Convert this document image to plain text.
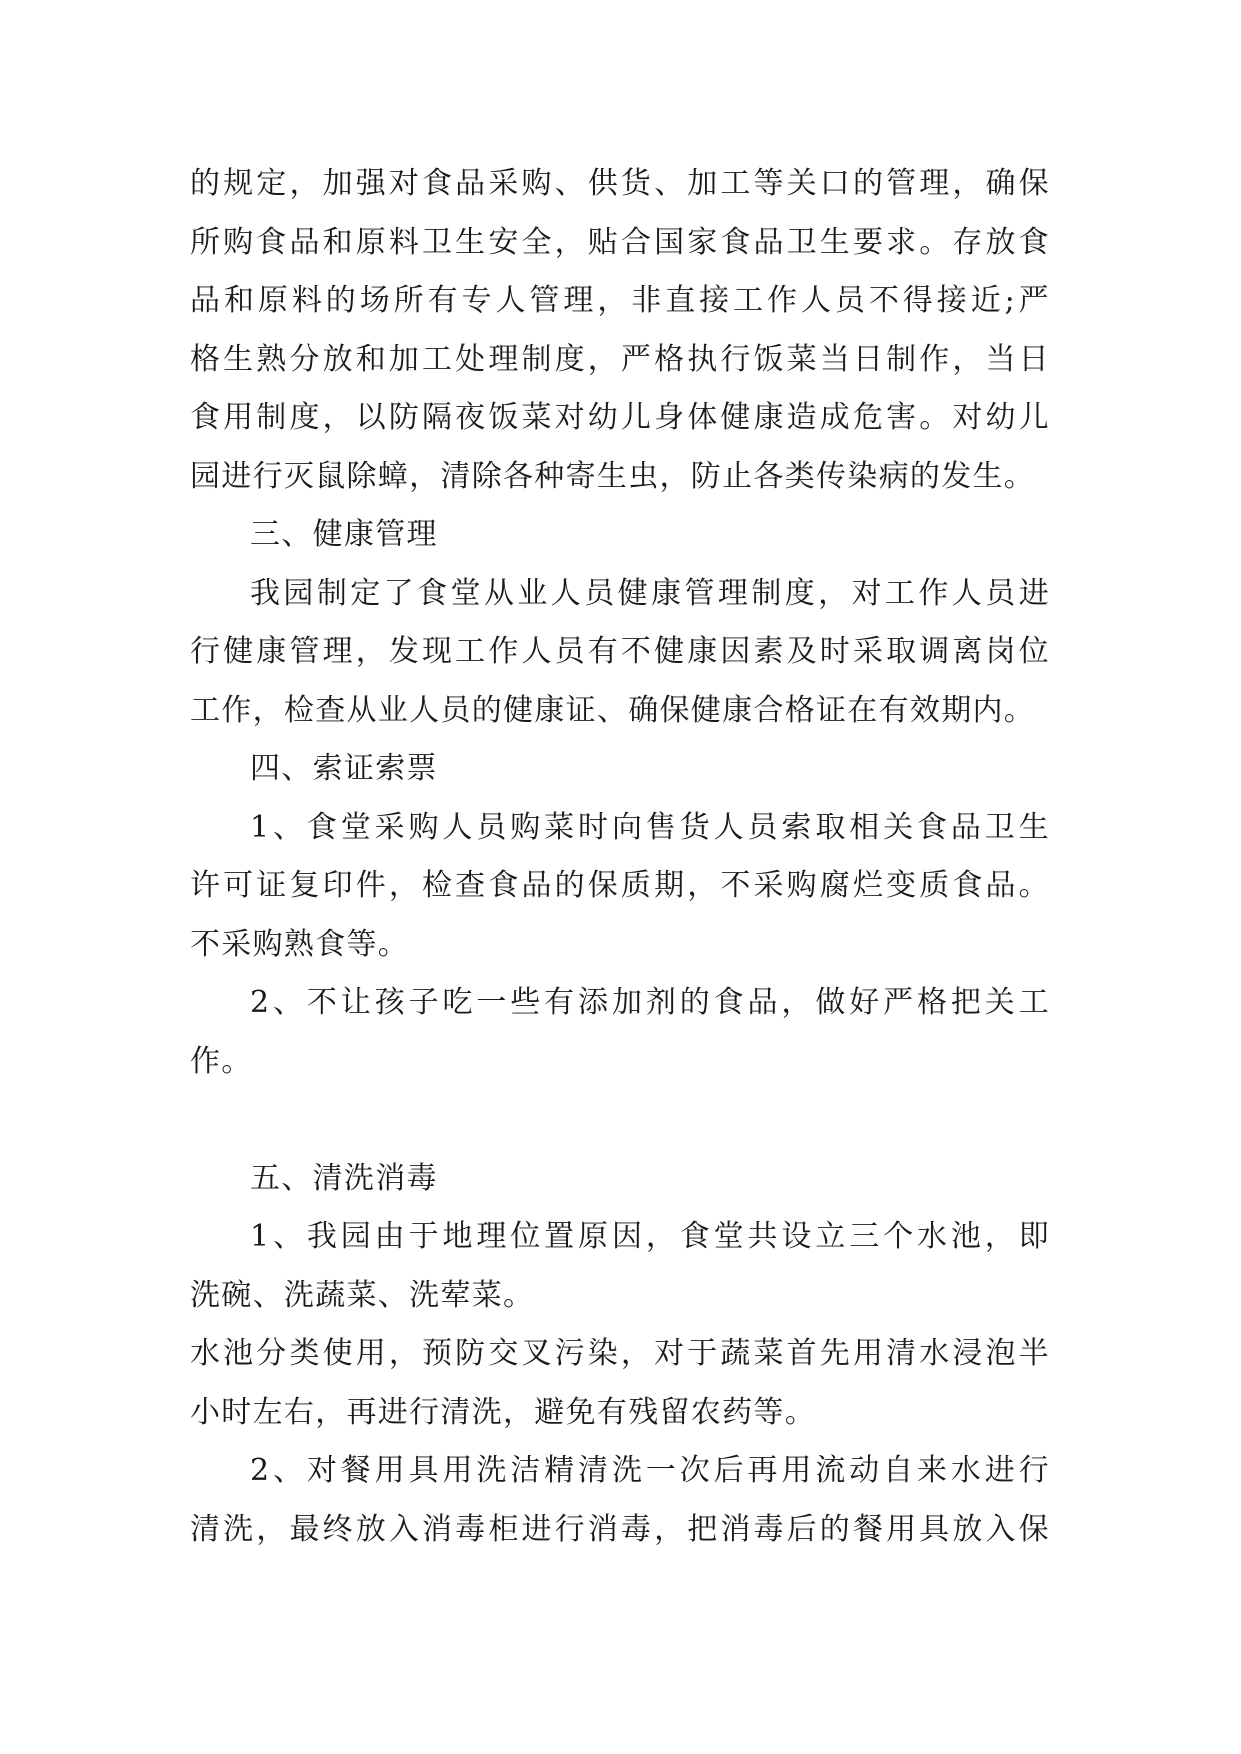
的规定，加强对食品采购、供货、加工等关口的管理，确保
所购食品和原料卫生安全，贴合国家食品卫生要求。存放食
品和原料的场所有专人管理，非直接工作人员不得接近;严
格生熟分放和加工处理制度，严格执行饭菜当日制作，当日
食用制度，以防隔夜饭菜对幼儿身体健康造成危害。对幼儿
园进行灭鼠除蟑，清除各种寄生虫，防止各类传染病的发生。
三、健康管理
我园制定了食堂从业人员健康管理制度，对工作人员进
行健康管理，发现工作人员有不健康因素及时采取调离岗位
工作，检查从业人员的健康证、确保健康合格证在有效期内。
四、索证索票
1、食堂采购人员购菜时向售货人员索取相关食品卫生
许可证复印件，检查食品的保质期，不采购腐烂变质食品。
不采购熟食等。
2、不让孩子吃一些有添加剂的食品，做好严格把关工
作。
五、清洗消毒
1、我园由于地理位置原因，食堂共设立三个水池，即
洗碗、洗蔬菜、洗荤菜。
水池分类使用，预防交叉污染，对于蔬菜首先用清水浸泡半
小时左右，再进行清洗，避免有残留农药等。
2、对餐用具用洗洁精清洗一次后再用流动自来水进行
清洗，最终放入消毒柜进行消毒，把消毒后的餐用具放入保
